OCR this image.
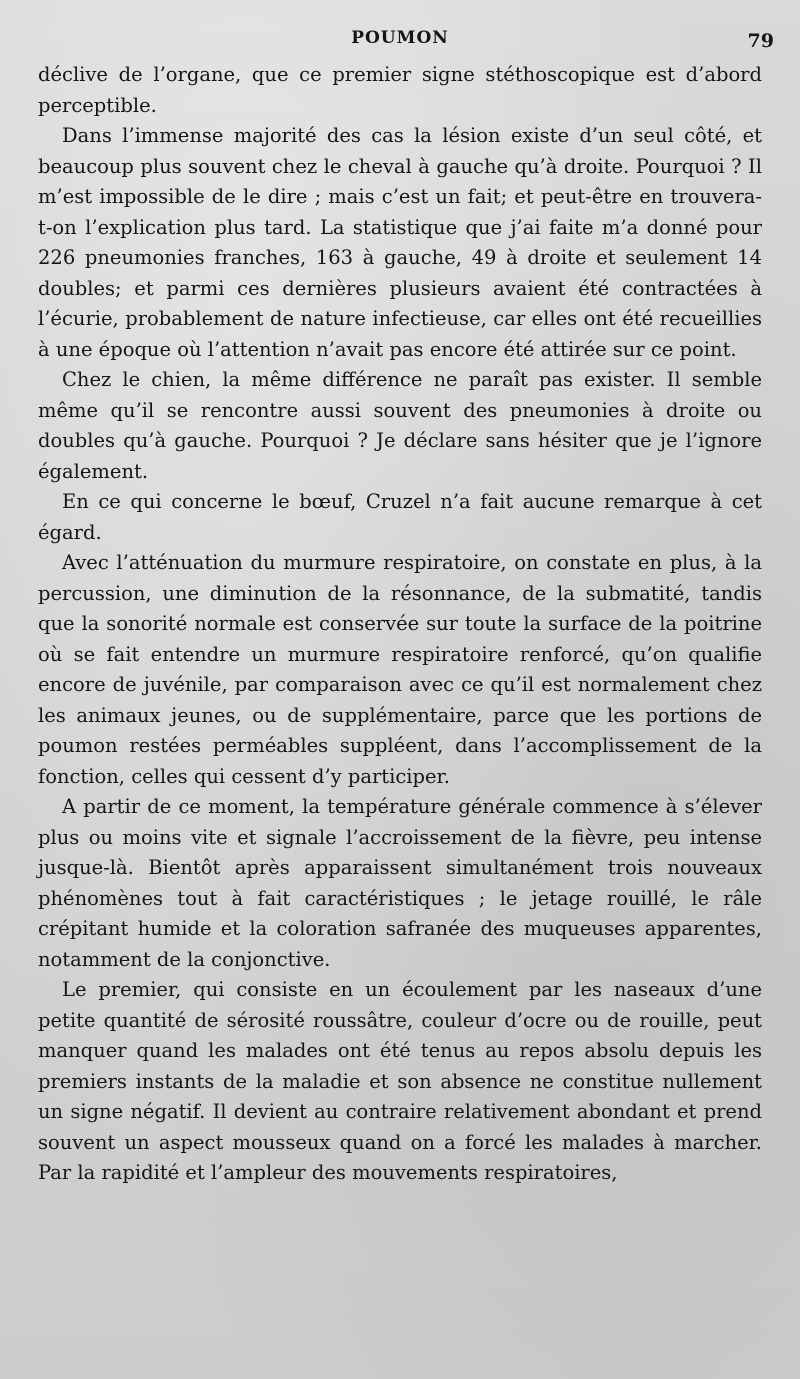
POUMON	79

déclive de l’organe, que ce premier signe stéthoscopique est d’abord perceptible.

Dans l’immense majorité des cas la lésion existe d’un seul côté, et beaucoup plus souvent chez le cheval à gauche qu’à droite. Pourquoi ? Il m’est impossible de le dire ; mais c’est un fait; et peut-être en trouvera-t-on l’explication plus tard. La statistique que j’ai faite m’a donné pour 226 pneumonies franches, 163 à gauche, 49 à droite et seulement 14 doubles; et parmi ces dernières plusieurs avaient été contractées à l’écurie, probablement de nature infectieuse, car elles ont été recueillies à une époque où l’attention n’avait pas encore été attirée sur ce point.

Chez le chien, la même différence ne paraît pas exister. Il semble même qu’il se rencontre aussi souvent des pneumonies à droite ou doubles qu’à gauche. Pourquoi ? Je déclare sans hésiter que je l’ignore également.

En ce qui concerne le bœuf, Cruzel n’a fait aucune remarque à cet égard.

Avec l’atténuation du murmure respiratoire, on constate en plus, à la percussion, une diminution de la résonnance, de la submatité, tandis que la sonorité normale est conservée sur toute la surface de la poitrine où se fait entendre un murmure respiratoire renforcé, qu’on qualifie encore de juvénile, par comparaison avec ce qu’il est normalement chez les animaux jeunes, ou de supplémentaire, parce que les portions de poumon restées perméables suppléent, dans l’accomplissement de la fonction, celles qui cessent d’y participer.

A partir de ce moment, la température générale commence à s’élever plus ou moins vite et signale l’accroissement de la fièvre, peu intense jusque-là. Bientôt après apparaissent simultanément trois nouveaux phénomènes tout à fait caractéristiques ; le jetage rouillé, le râle crépitant humide et la coloration safranée des muqueuses apparentes, notamment de la conjonctive.

Le premier, qui consiste en un écoulement par les naseaux d’une petite quantité de sérosité roussâtre, couleur d’ocre ou de rouille, peut manquer quand les malades ont été tenus au repos absolu depuis les premiers instants de la maladie et son absence ne constitue nullement un signe négatif. Il devient au contraire relativement abondant et prend souvent un aspect mousseux quand on a forcé les malades à marcher. Par la rapidité et l’ampleur des mouvements respiratoires,
